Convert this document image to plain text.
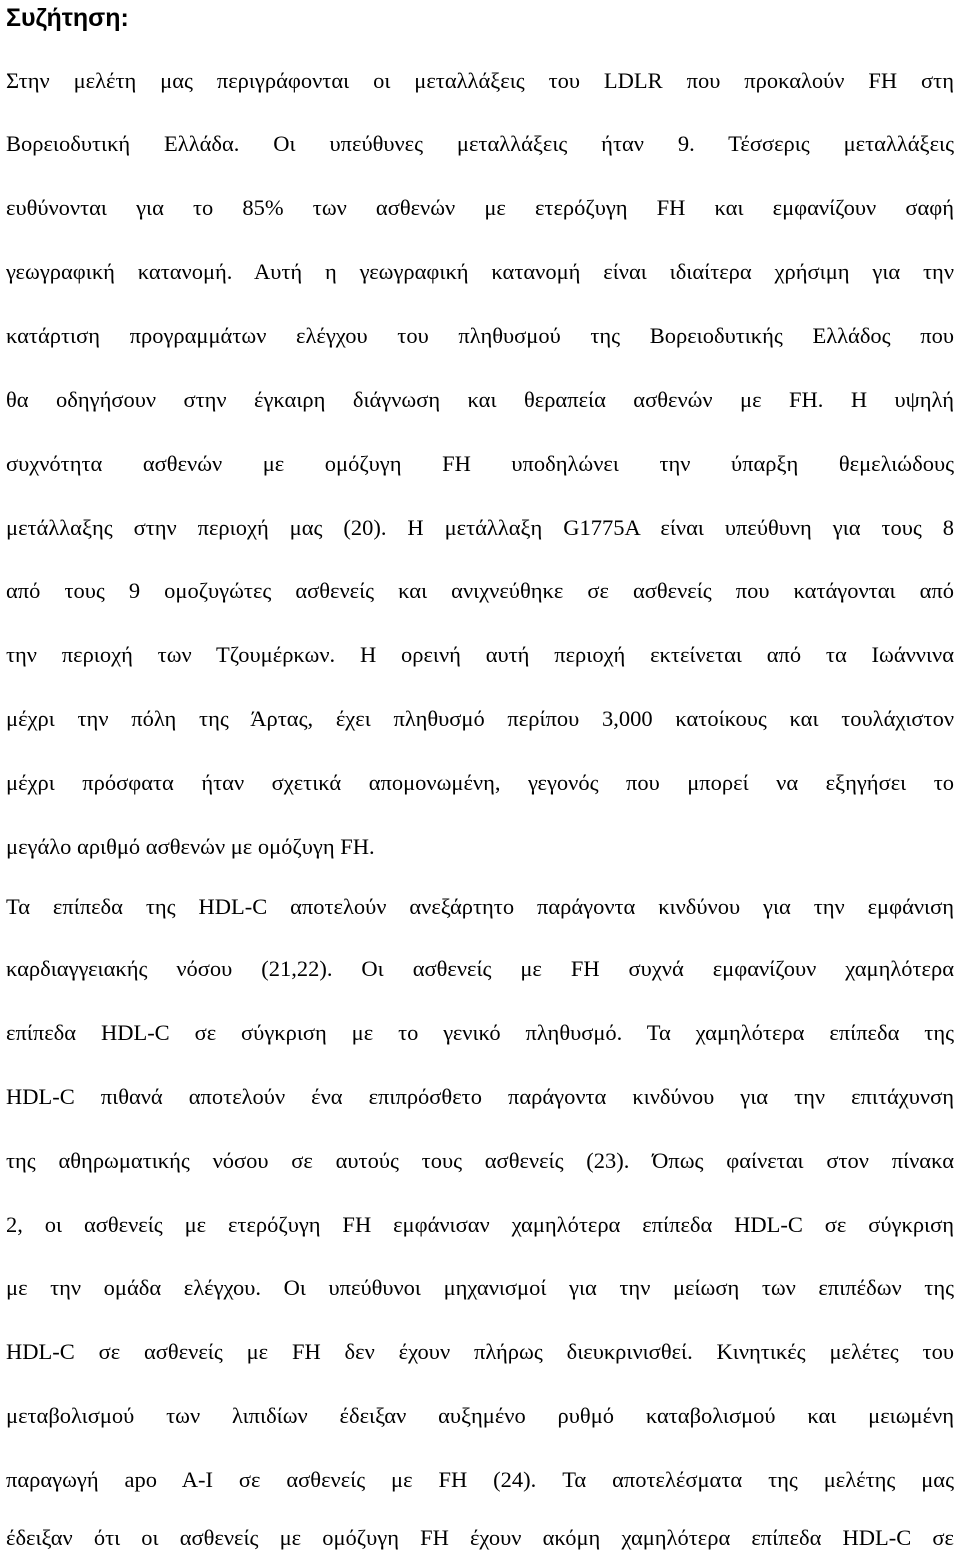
Συζήτηση:
Στην μελέτη μας περιγράφονται οι μεταλλάξεις του LDLR που προκαλούν FH στη
Βορειοδυτική Ελλάδα. Οι υπεύθυνες μεταλλάξεις ήταν 9. Τέσσερις μεταλλάξεις
ευθύνονται για το 85% των ασθενών με ετερόζυγη FH και εμφανίζουν σαφή
γεωγραφική κατανομή. Αυτή η γεωγραφική κατανομή είναι ιδιαίτερα χρήσιμη για την
κατάρτιση προγραμμάτων ελέγχου του πληθυσμού της Βορειοδυτικής Ελλάδος που
θα οδηγήσουν στην έγκαιρη διάγνωση και θεραπεία ασθενών με FH. Η υψηλή
συχνότητα ασθενών με ομόζυγη FH υποδηλώνει την ύπαρξη θεμελιώδους
μετάλλαξης στην περιοχή μας (20). Η μετάλλαξη G1775A είναι υπεύθυνη για τους 8
από τους 9 ομοζυγώτες ασθενείς και ανιχνεύθηκε σε ασθενείς που κατάγονται από
την περιοχή των Τζουμέρκων. Η ορεινή αυτή περιοχή εκτείνεται από τα Ιωάννινα
μέχρι την πόλη της Άρτας, έχει πληθυσμό περίπου 3,000 κατοίκους και τουλάχιστον
μέχρι πρόσφατα ήταν σχετικά απομονωμένη, γεγονός που μπορεί να εξηγήσει το
μεγάλο αριθμό ασθενών με ομόζυγη FH.
Τα επίπεδα της HDL-C αποτελούν ανεξάρτητο παράγοντα κινδύνου για την εμφάνιση
καρδιαγγειακής νόσου (21,22). Οι ασθενείς με FH συχνά εμφανίζουν χαμηλότερα
επίπεδα HDL-C σε σύγκριση με το γενικό πληθυσμό. Τα χαμηλότερα επίπεδα της
HDL-C πιθανά αποτελούν ένα επιπρόσθετο παράγοντα κινδύνου για την επιτάχυνση
της αθηρωματικής νόσου σε αυτούς τους ασθενείς (23). Όπως φαίνεται στον πίνακα
2, οι ασθενείς με ετερόζυγη FH εμφάνισαν χαμηλότερα επίπεδα HDL-C σε σύγκριση
με την ομάδα ελέγχου. Οι υπεύθυνοι μηχανισμοί για την μείωση των επιπέδων της
HDL-C σε ασθενείς με FH δεν έχουν πλήρως διευκρινισθεί. Κινητικές μελέτες του
μεταβολισμού των λιπιδίων έδειξαν αυξημένο ρυθμό καταβολισμού και μειωμένη
παραγωγή apo A-I σε ασθενείς με FH (24). Τα αποτελέσματα της μελέτης μας
έδειξαν ότι οι ασθενείς με ομόζυγη FH έχουν ακόμη χαμηλότερα επίπεδα HDL-C σε
